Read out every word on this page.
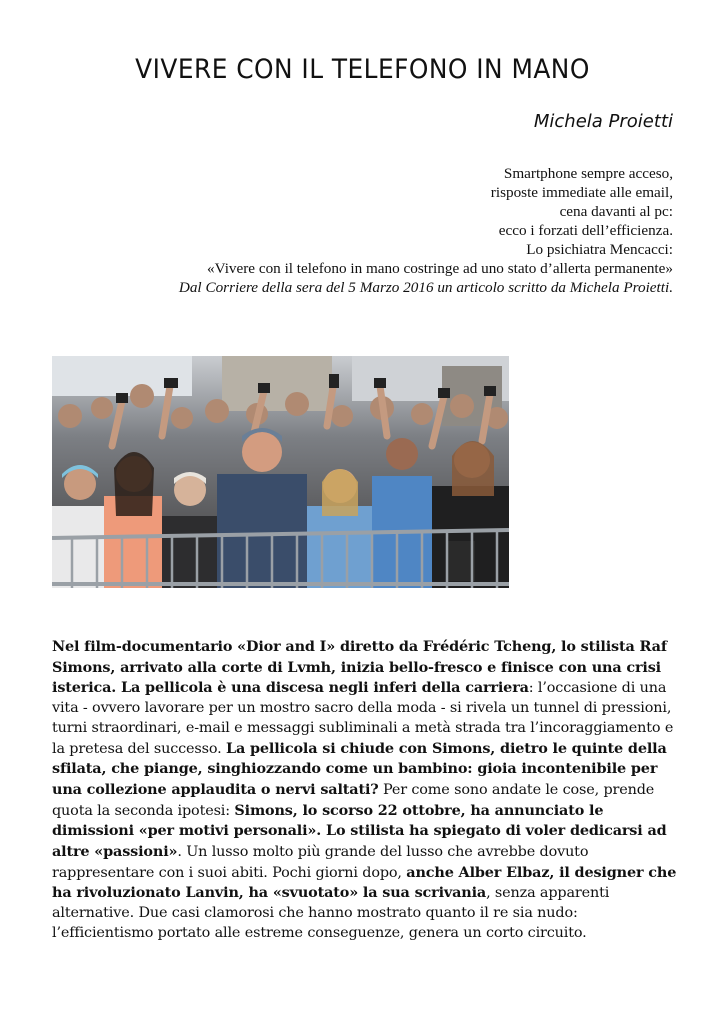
VIVERE CON IL TELEFONO IN MANO
Michela Proietti
Smartphone sempre acceso,
risposte immediate alle email,
cena davanti al pc:
ecco i forzati dell’efficienza.
Lo psichiatra Mencacci:
«Vivere con il telefono in mano costringe ad uno stato d’allerta permanente»
Dal Corriere della sera del 5 Marzo 2016 un articolo scritto da Michela Proietti.
Nel film-documentario «Dior and I» diretto da Frédéric Tcheng, lo stilista Raf Simons, arrivato alla corte di Lvmh, inizia bello-fresco e finisce con una crisi isterica. La pellicola è una discesa negli inferi della carriera: l’occasione di una vita - ovvero lavorare per un mostro sacro della moda - si rivela un tunnel di pressioni, turni straordinari, e-mail e messaggi subliminali a metà strada tra l’incoraggiamento e la pretesa del successo. La pellicola si chiude con Simons, dietro le quinte della sfilata, che piange, singhiozzando come un bambino: gioia incontenibile per una collezione applaudita o nervi saltati? Per come sono andate le cose, prende quota la seconda ipotesi: Simons, lo scorso 22 ottobre, ha annunciato le dimissioni «per motivi personali». Lo stilista ha spiegato di voler dedicarsi ad altre «passioni». Un lusso molto più grande del lusso che avrebbe dovuto rappresentare con i suoi abiti. Pochi giorni dopo, anche Alber Elbaz, il designer che ha rivoluzionato Lanvin, ha «svuotato» la sua scrivania, senza apparenti alternative. Due casi clamorosi che hanno mostrato quanto il re sia nudo: l’efficientismo portato alle estreme conseguenze, genera un corto circuito.
